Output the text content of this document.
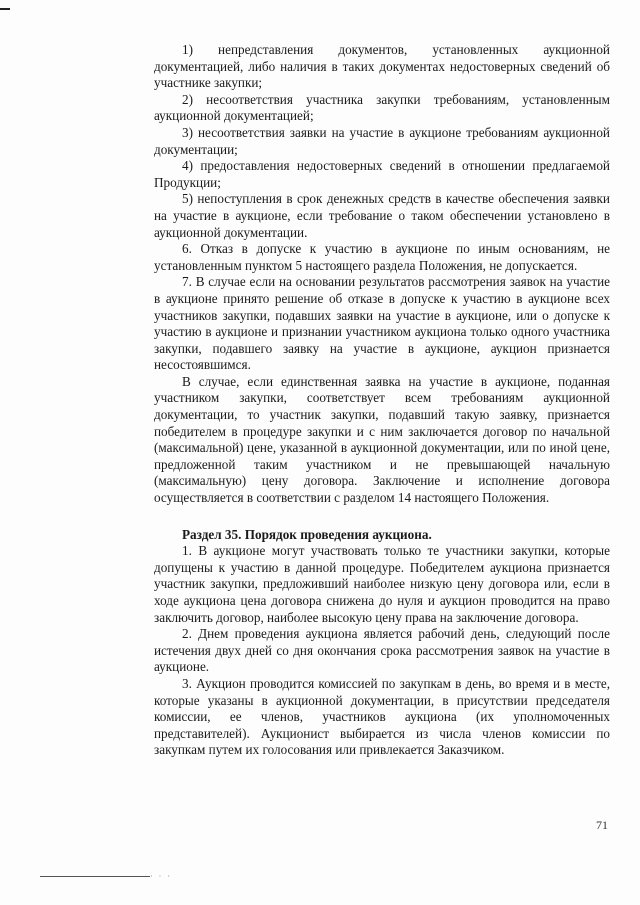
1) непредставления документов, установленных аукционной документацией, либо наличия в таких документах недостоверных сведений об участнике закупки;

2) несоответствия участника закупки требованиям, установленным аукционной документацией;

3) несоответствия заявки на участие в аукционе требованиям аукционной документации;

4) предоставления недостоверных сведений в отношении предлагаемой Продукции;

5) непоступления в срок денежных средств в качестве обеспечения заявки на участие в аукционе, если требование о таком обеспечении установлено в аукционной документации.

6. Отказ в допуске к участию в аукционе по иным основаниям, не установленным пунктом 5 настоящего раздела Положения, не допускается.

7. В случае если на основании результатов рассмотрения заявок на участие в аукционе принято решение об отказе в допуске к участию в аукционе всех участников закупки, подавших заявки на участие в аукционе, или о допуске к участию в аукционе и признании участником аукциона только одного участника закупки, подавшего заявку на участие в аукционе, аукцион признается несостоявшимся.

В случае, если единственная заявка на участие в аукционе, поданная участником закупки, соответствует всем требованиям аукционной документации, то участник закупки, подавший такую заявку, признается победителем в процедуре закупки и с ним заключается договор по начальной (максимальной) цене, указанной в аукционной документации, или по иной цене, предложенной таким участником и не превышающей начальную (максимальную) цену договора. Заключение и исполнение договора осуществляется в соответствии с разделом 14 настоящего Положения.

Раздел 35. Порядок проведения аукциона.

1. В аукционе могут участвовать только те участники закупки, которые допущены к участию в данной процедуре. Победителем аукциона признается участник закупки, предложивший наиболее низкую цену договора или, если в ходе аукциона цена договора снижена до нуля и аукцион проводится на право заключить договор, наиболее высокую цену права на заключение договора.

2. Днем проведения аукциона является рабочий день, следующий после истечения двух дней со дня окончания срока рассмотрения заявок на участие в аукционе.

3. Аукцион проводится комиссией по закупкам в день, во время и в месте, которые указаны в аукционной документации, в присутствии председателя комиссии, ее членов, участников аукциона (их уполномоченных представителей). Аукционист выбирается из числа членов комиссии по закупкам путем их голосования или привлекается Заказчиком.

71
· · ·
